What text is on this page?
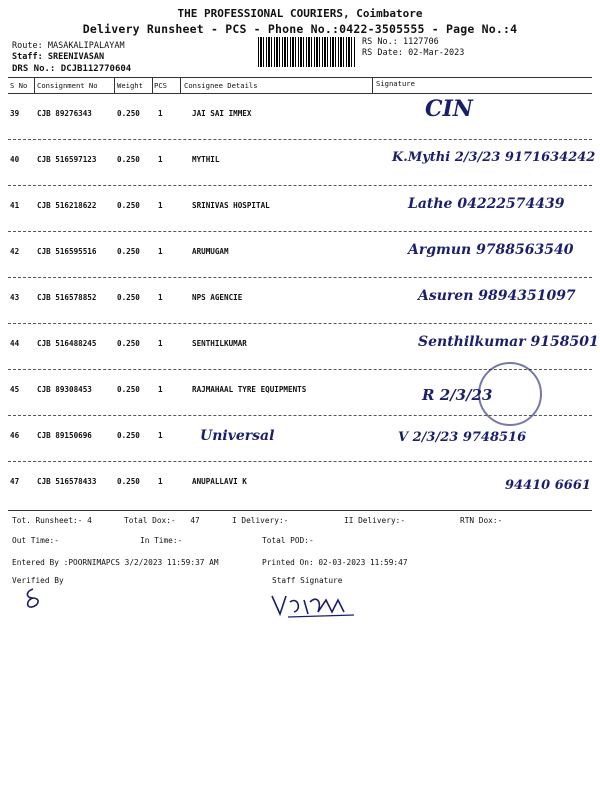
THE PROFESSIONAL COURIERS, Coimbatore
Delivery Runsheet - PCS - Phone No.:0422-3505555 - Page No.:4
Route: MASAKALIPALAYAM
Staff: SREENIVASAN
DRS No.: DCJB112770604
RS No.: 1127706
RS Date: 02-Mar-2023
S No Consignment No	Weight PCS Consignee Details	Signature
39 CJB 89276343	0.250 1	JAI SAI IMMEX	CIN
40 CJB 516597123	0.250 1	MYTHIL	K.Mythi 2/3/23 9171634242
41 CJB 516218622	0.250 1	SRINIVAS HOSPITAL	Lathe 04222574439
42 CJB 516595516	0.250 1	ARUMUGAM	Argmun 9788563540
43 CJB 516578852	0.250 1	NPS AGENCIE	Asuren 9894351097
44 CJB 516488245	0.250 1	SENTHILKUMAR	Senthilkumar 9158501
45 CJB 89308453	0.250 1	RAJMAHAAL TYRE EQUIPMENTS	R 2/3/23
46 CJB 89150696	0.250 1	Universal	V 2/3/23 9748516
47 CJB 516578433	0.250 1	ANUPALLAVI K	94410 6661
Tot. Runsheet:- 4	Total Dox:- 47	I Delivery:-	II Delivery:-	RTN Dox:-
Out Time:-	In Time:-	Total POD:-
Entered By :POORNIMAPCS 3/2/2023 11:59:37 AM	Printed On: 02-03-2023 11:59:47
Verified By	Staff Signature
